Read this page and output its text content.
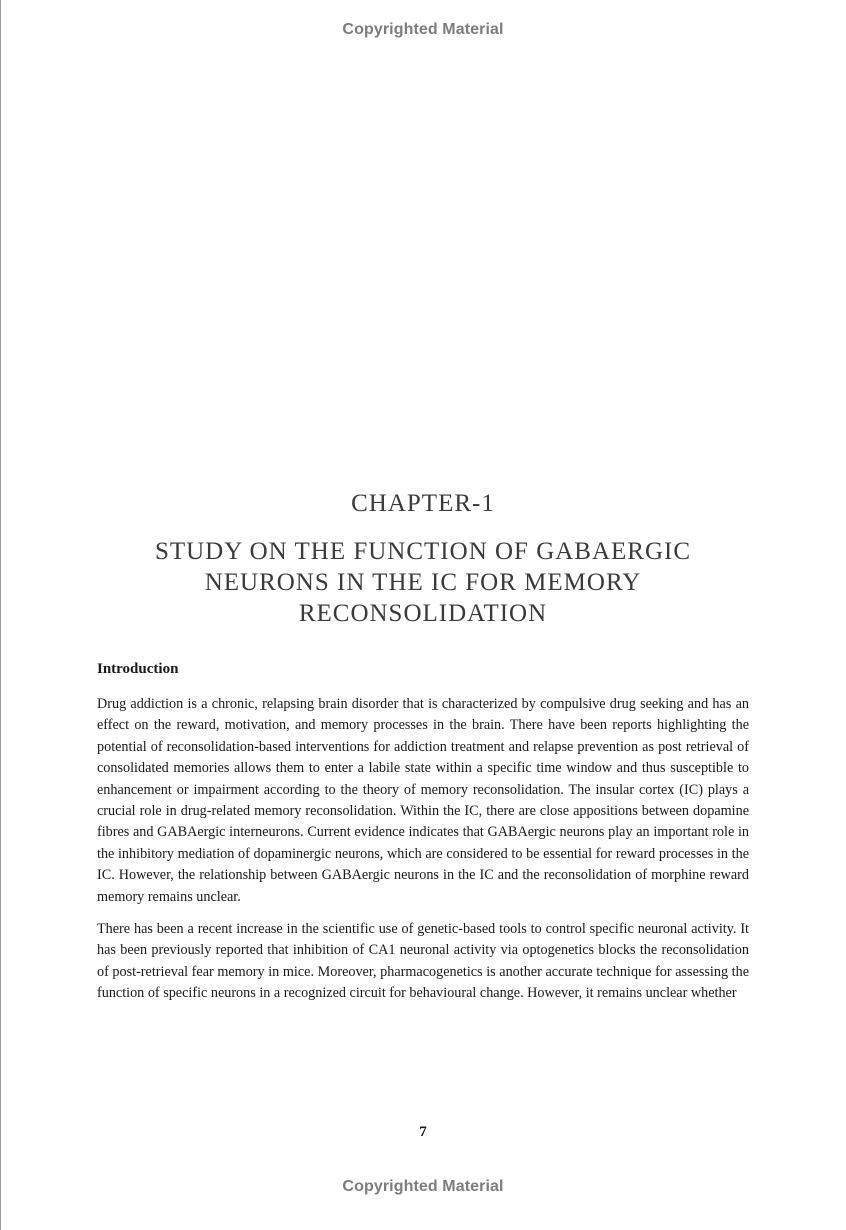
Copyrighted Material
CHAPTER-1
STUDY ON THE FUNCTION OF GABAERGIC NEURONS IN THE IC FOR MEMORY RECONSOLIDATION
Introduction

Drug addiction is a chronic, relapsing brain disorder that is characterized by compulsive drug seeking and has an effect on the reward, motivation, and memory processes in the brain. There have been reports highlighting the potential of reconsolidation-based interventions for addiction treatment and relapse prevention as post retrieval of consolidated memories allows them to enter a labile state within a specific time window and thus susceptible to enhancement or impairment according to the theory of memory reconsolidation. The insular cortex (IC) plays a crucial role in drug-related memory reconsolidation. Within the IC, there are close appositions between dopamine fibres and GABAergic interneurons. Current evidence indicates that GABAergic neurons play an important role in the inhibitory mediation of dopaminergic neurons, which are considered to be essential for reward processes in the IC. However, the relationship between GABAergic neurons in the IC and the reconsolidation of morphine reward memory remains unclear.

There has been a recent increase in the scientific use of genetic-based tools to control specific neuronal activity. It has been previously reported that inhibition of CA1 neuronal activity via optogenetics blocks the reconsolidation of post-retrieval fear memory in mice. Moreover, pharmacogenetics is another accurate technique for assessing the function of specific neurons in a recognized circuit for behavioural change. However, it remains unclear whether

7
Copyrighted Material
